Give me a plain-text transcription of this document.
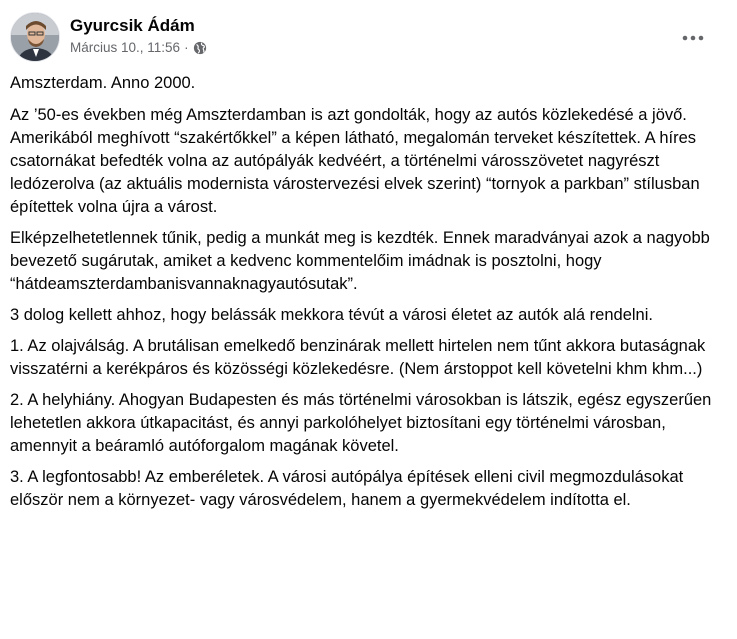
Gyurcsik Ádám
Március 10., 11:56 ·

Amszterdam. Anno 2000.

Az ’50-es években még Amszterdamban is azt gondolták, hogy az autós közlekedésé a jövő. Amerikából meghívott “szakértőkkel” a képen látható, megalomán terveket készítettek. A híres csatornákat befedték volna az autópályák kedvéért, a történelmi városszövetet nagyrészt ledózerolva (az aktuális modernista várostervezési elvek szerint) “tornyok a parkban” stílusban építettek volna újra a várost.

Elképzelhetetlennek tűnik, pedig a munkát meg is kezdték. Ennek maradványai azok a nagyobb bevezető sugárutak, amiket a kedvenc kommentelőim imádnak is posztolni, hogy “hátdeamszterdambanisvannaknagyautósutak”.

3 dolog kellett ahhoz, hogy belássák mekkora tévút a városi életet az autók alá rendelni.

1. Az olajválság. A brutálisan emelkedő benzinárak mellett hirtelen nem tűnt akkora butaságnak visszatérni a kerékpáros és közösségi közlekedésre. (Nem árstoppot kell követelni khm khm...)

2. A helyhiány. Ahogyan Budapesten és más történelmi városokban is látszik, egész egyszerűen lehetetlen akkora útkapacitást, és annyi parkolóhelyet biztosítani egy történelmi városban, amennyit a beáramló autóforgalom magának követel.

3. A legfontosabb! Az emberéletek. A városi autópálya építések elleni civil megmozdulásokat először nem a környezet- vagy városvédelem, hanem a gyermekvédelem indította el.
